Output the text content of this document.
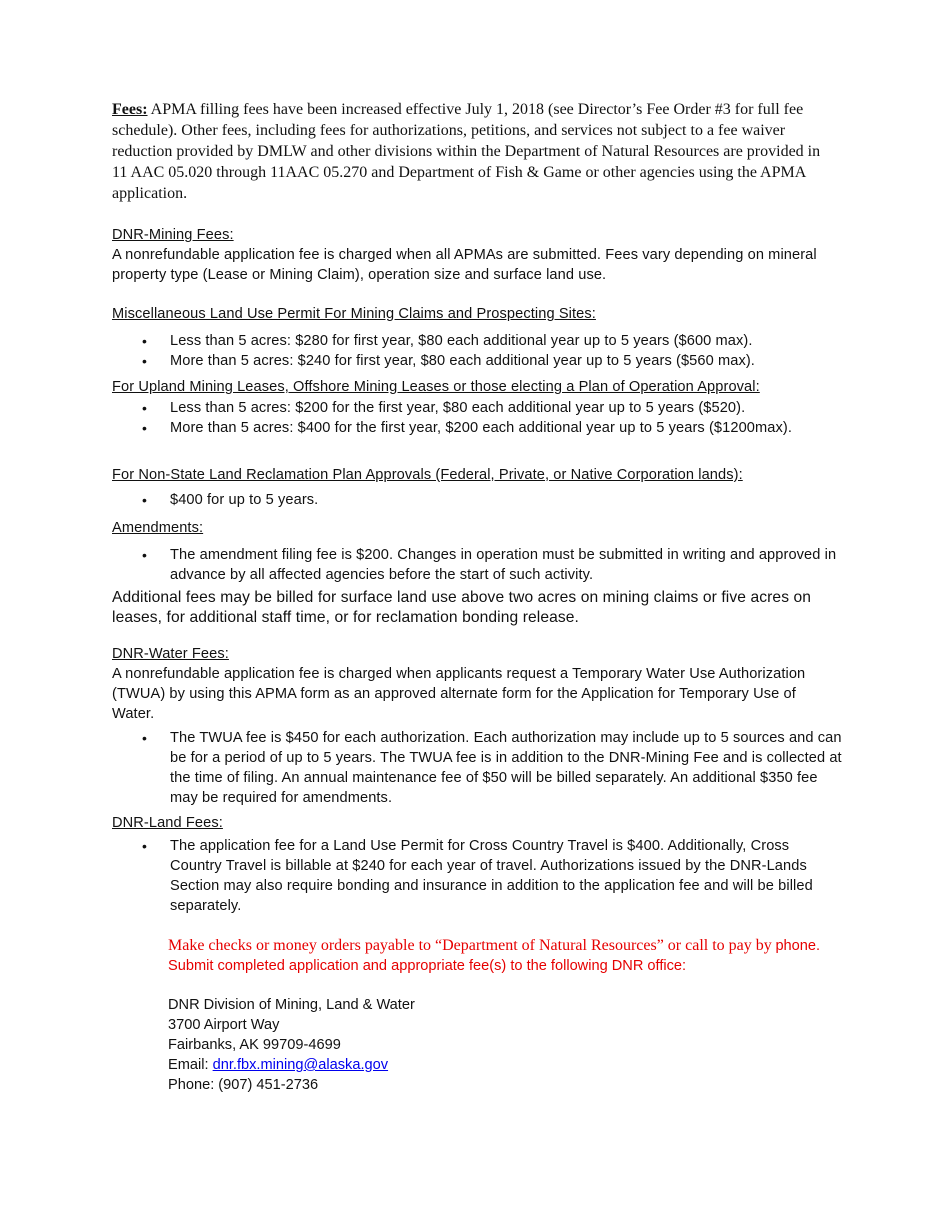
Fees: APMA filling fees have been increased effective July 1, 2018 (see Director’s Fee Order #3 for full fee schedule). Other fees, including fees for authorizations, petitions, and services not subject to a fee waiver reduction provided by DMLW and other divisions within the Department of Natural Resources are provided in 11 AAC 05.020 through 11AAC 05.270 and Department of Fish & Game or other agencies using the APMA application.

DNR-Mining Fees:

A nonrefundable application fee is charged when all APMAs are submitted. Fees vary depending on mineral property type (Lease or Mining Claim), operation size and surface land use.

Miscellaneous Land Use Permit For Mining Claims and Prospecting Sites:

• Less than 5 acres: $280 for first year, $80 each additional year up to 5 years ($600 max).
• More than 5 acres: $240 for first year, $80 each additional year up to 5 years ($560 max).

For Upland Mining Leases, Offshore Mining Leases or those electing a Plan of Operation Approval:

• Less than 5 acres: $200 for the first year, $80 each additional year up to 5 years ($520).
• More than 5 acres: $400 for the first year, $200 each additional year up to 5 years ($1200max).

For Non-State Land Reclamation Plan Approvals (Federal, Private, or Native Corporation lands):

• $400 for up to 5 years.

Amendments:

• The amendment filing fee is $200. Changes in operation must be submitted in writing and approved in advance by all affected agencies before the start of such activity.
Additional fees may be billed for surface land use above two acres on mining claims or five acres on leases, for additional staff time, or for reclamation bonding release.

DNR-Water Fees:

A nonrefundable application fee is charged when applicants request a Temporary Water Use Authorization (TWUA) by using this APMA form as an approved alternate form for the Application for Temporary Use of Water.

• The TWUA fee is $450 for each authorization. Each authorization may include up to 5 sources and can be for a period of up to 5 years. The TWUA fee is in addition to the DNR-Mining Fee and is collected at the time of filing. An annual maintenance fee of $50 will be billed separately. An additional $350 fee may be required for amendments.

DNR-Land Fees:

• The application fee for a Land Use Permit for Cross Country Travel is $400. Additionally, Cross Country Travel is billable at $240 for each year of travel. Authorizations issued by the DNR-Lands Section may also require bonding and insurance in addition to the application fee and will be billed separately.
Make checks or money orders payable to “Department of Natural Resources” or call to pay by phone. Submit completed application and appropriate fee(s) to the following DNR office:
DNR Division of Mining, Land & Water
3700 Airport Way
Fairbanks, AK 99709-4699
Email: dnr.fbx.mining@alaska.gov
Phone: (907) 451-2736
